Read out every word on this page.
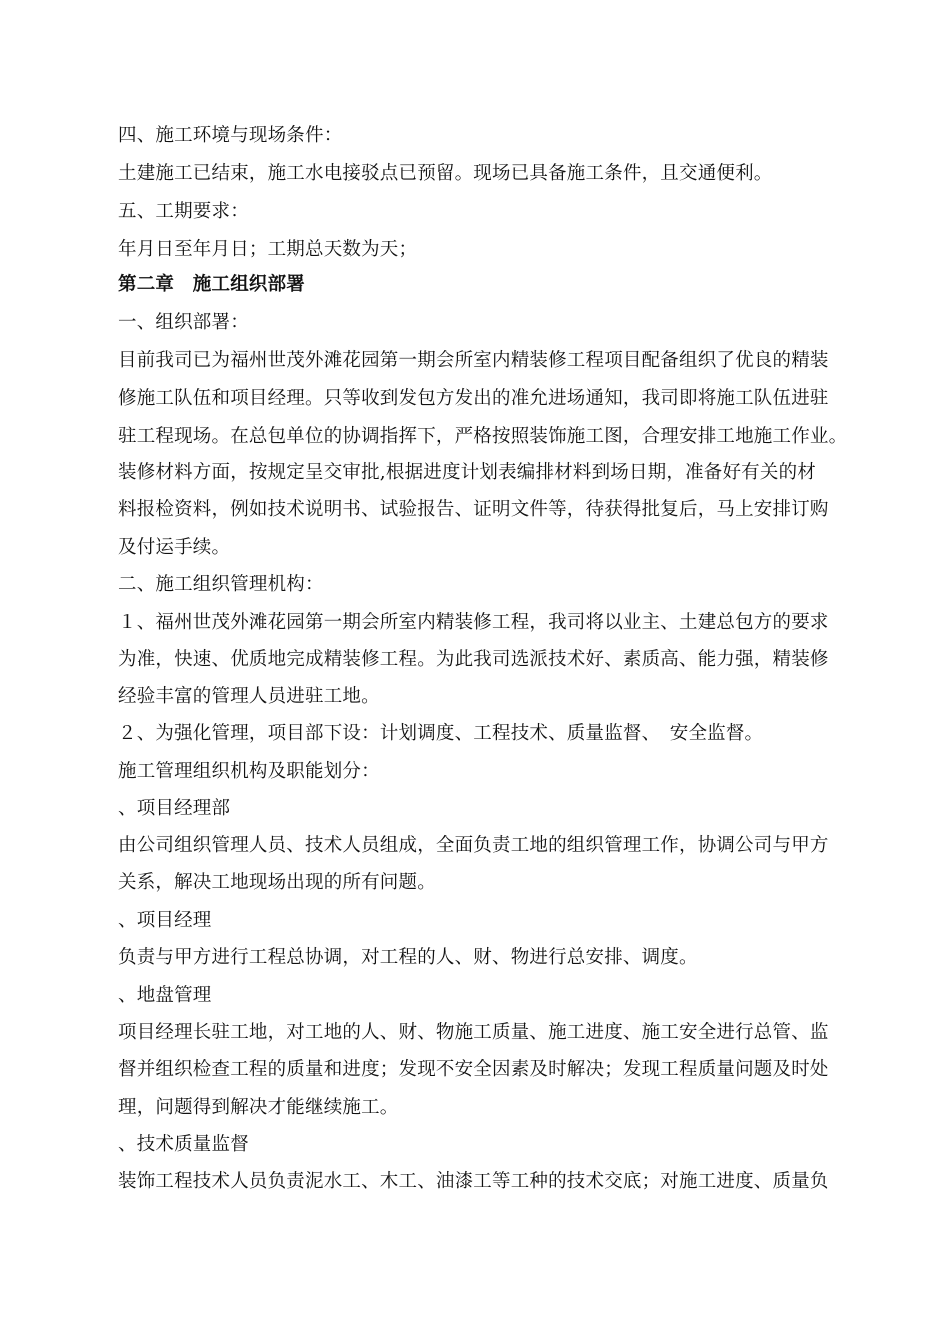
四、施工环境与现场条件：
土建施工已结束，施工水电接驳点已预留。现场已具备施工条件，且交通便利。
五、工期要求：
年月日至年月日；工期总天数为天；
第二章　施工组织部署
一、组织部署：
目前我司已为福州世茂外滩花园第一期会所室内精装修工程项目配备组织了优良的精装
修施工队伍和项目经理。只等收到发包方发出的准允进场通知，我司即将施工队伍进驻
驻工程现场。在总包单位的协调指挥下，严格按照装饰施工图，合理安排工地施工作业。
装修材料方面，按规定呈交审批,根据进度计划表编排材料到场日期，准备好有关的材
料报检资料，例如技术说明书、试验报告、证明文件等，待获得批复后，马上安排订购
及付运手续。
二、施工组织管理机构：
１、福州世茂外滩花园第一期会所室内精装修工程，我司将以业主、土建总包方的要求
为准，快速、优质地完成精装修工程。为此我司选派技术好、素质高、能力强，精装修
经验丰富的管理人员进驻工地。
２、为强化管理，项目部下设：计划调度、工程技术、质量监督、　安全监督。
施工管理组织机构及职能划分：
、项目经理部
由公司组织管理人员、技术人员组成，全面负责工地的组织管理工作，协调公司与甲方
关系，解决工地现场出现的所有问题。
、项目经理
负责与甲方进行工程总协调，对工程的人、财、物进行总安排、调度。
、地盘管理
项目经理长驻工地，对工地的人、财、物施工质量、施工进度、施工安全进行总管、监
督并组织检查工程的质量和进度；发现不安全因素及时解决；发现工程质量问题及时处
理，问题得到解决才能继续施工。
、技术质量监督
装饰工程技术人员负责泥水工、木工、油漆工等工种的技术交底；对施工进度、质量负
